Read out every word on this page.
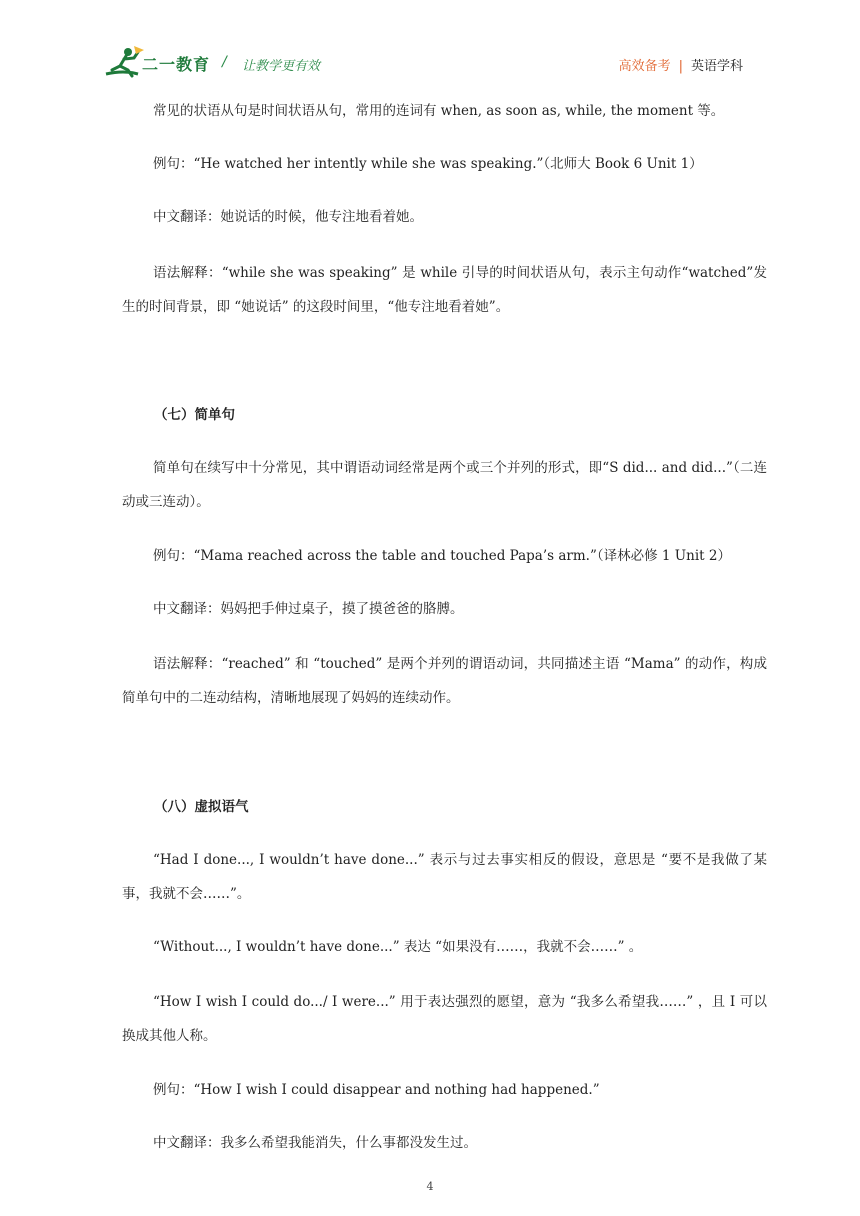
二一教育 / 让教学更有效	高效备考 | 英语学科

常见的状语从句是时间状语从句，常用的连词有 when, as soon as, while, the moment 等。

例句：“He watched her intently while she was speaking.”（北师大 Book 6 Unit 1）

中文翻译：她说话的时候，他专注地看着她。

语法解释：“while she was speaking” 是 while 引导的时间状语从句，表示主句动作“watched”发生的时间背景，即 “她说话” 的这段时间里，“他专注地看着她”。

（七）简单句

简单句在续写中十分常见，其中谓语动词经常是两个或三个并列的形式，即“S did... and did...”（二连动或三连动）。

例句：“Mama reached across the table and touched Papa’s arm.”（译林必修 1 Unit 2）

中文翻译：妈妈把手伸过桌子，摸了摸爸爸的胳膊。

语法解释：“reached” 和 “touched” 是两个并列的谓语动词，共同描述主语 “Mama” 的动作，构成简单句中的二连动结构，清晰地展现了妈妈的连续动作。

（八）虚拟语气

“Had I done..., I wouldn’t have done...” 表示与过去事实相反的假设，意思是 “要不是我做了某事，我就不会……”。

“Without..., I wouldn’t have done...” 表达 “如果没有……，我就不会……” 。

“How I wish I could do.../ I were...” 用于表达强烈的愿望，意为 “我多么希望我……” ，且 I 可以换成其他人称。

例句：“How I wish I could disappear and nothing had happened.”

中文翻译：我多么希望我能消失，什么事都没发生过。

4
